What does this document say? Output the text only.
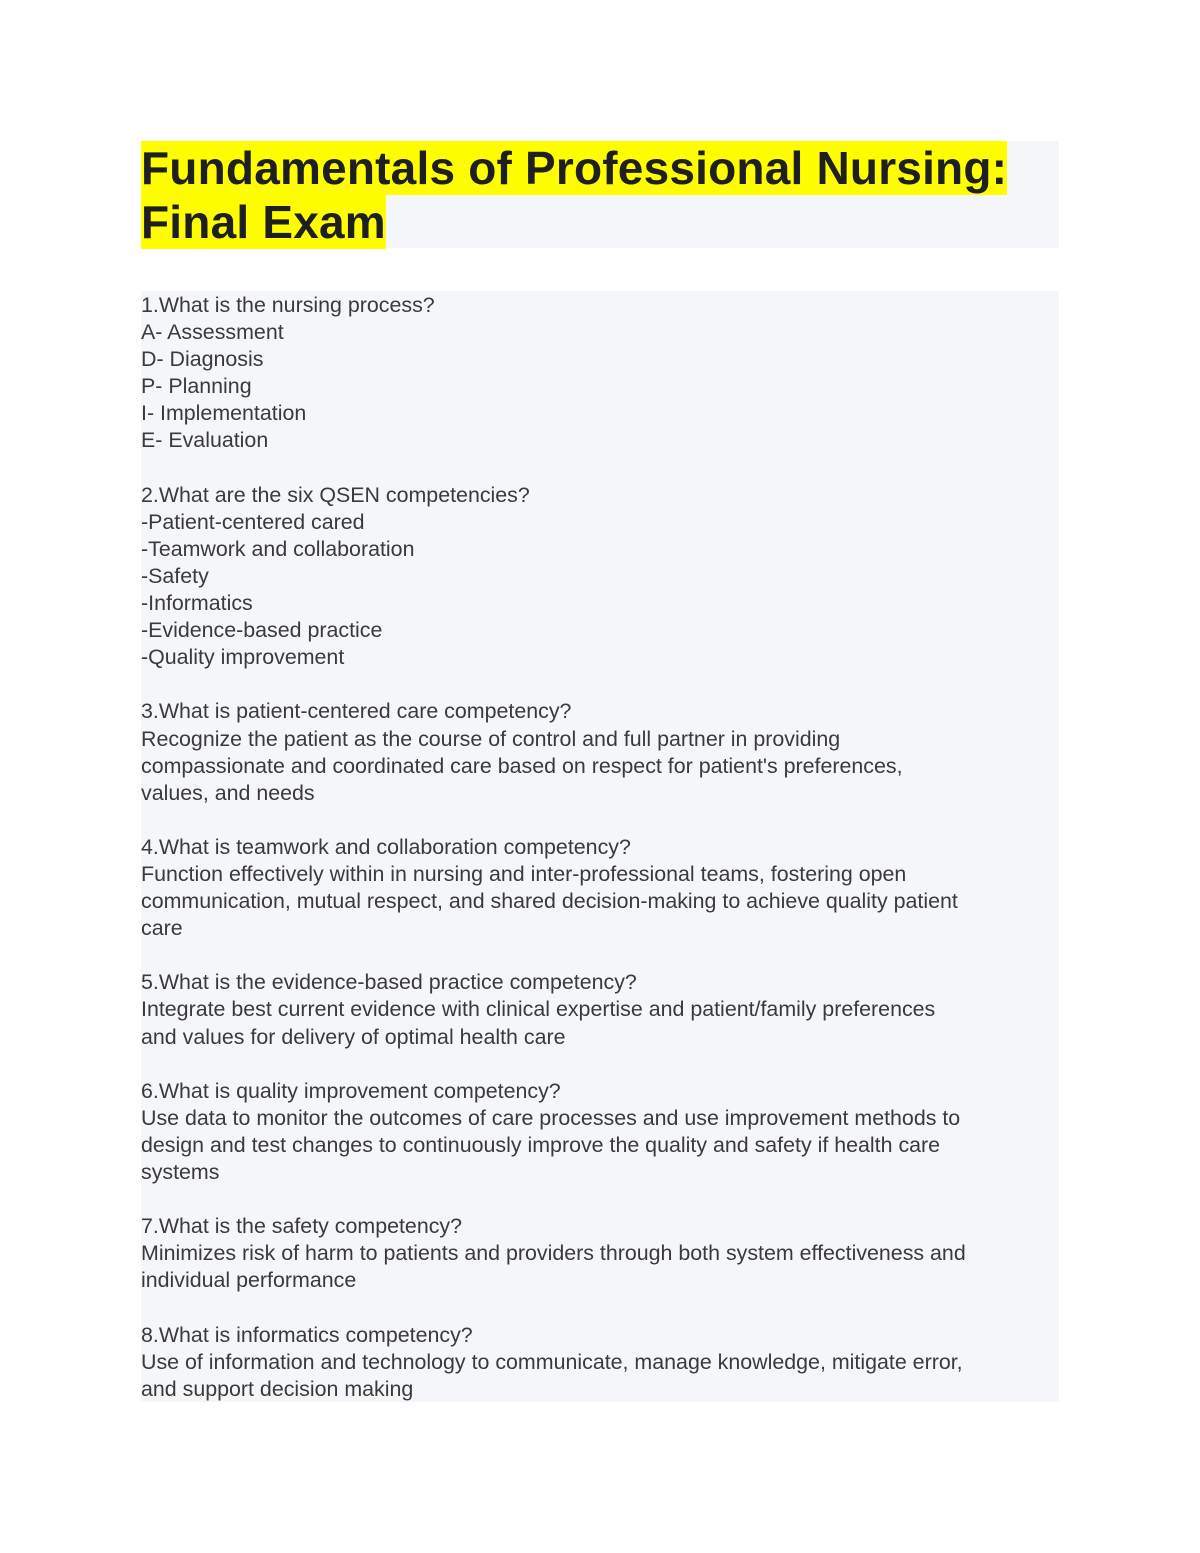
Fundamentals of Professional Nursing:
Final Exam
1.What is the nursing process?
A- Assessment
D- Diagnosis
P- Planning
I- Implementation
E- Evaluation
2.What are the six QSEN competencies?
-Patient-centered cared
-Teamwork and collaboration
-Safety
-Informatics
-Evidence-based practice
-Quality improvement
3.What is patient-centered care competency?
Recognize the patient as the course of control and full partner in providing
compassionate and coordinated care based on respect for patient's preferences,
values, and needs
4.What is teamwork and collaboration competency?
Function effectively within in nursing and inter-professional teams, fostering open
communication, mutual respect, and shared decision-making to achieve quality patient
care
5.What is the evidence-based practice competency?
Integrate best current evidence with clinical expertise and patient/family preferences
and values for delivery of optimal health care
6.What is quality improvement competency?
Use data to monitor the outcomes of care processes and use improvement methods to
design and test changes to continuously improve the quality and safety if health care
systems
7.What is the safety competency?
Minimizes risk of harm to patients and providers through both system effectiveness and
individual performance
8.What is informatics competency?
Use of information and technology to communicate, manage knowledge, mitigate error,
and support decision making
